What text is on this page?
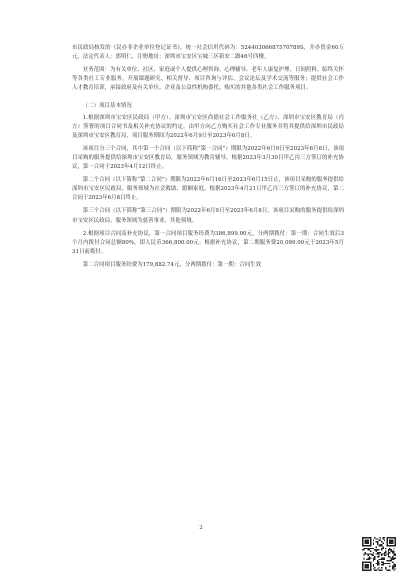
市民政局核发的《民办非企业单位登记证书》，统一社会信用代码为：52440306687570789S，开办资金60万元，法定代表人：郭明仁，注册地址：深圳市宝安区宝城三区新安二路46号四楼。

业务范围：为有关单位、社区、家庭或个人提供心理咨询、心理辅导、老年人康复护理、日间照料、临终关怀等各类社工专业服务，开展课题研究、相关督导、项目咨询与评估、会议论坛及学术交流等服务；提供社会工作人才教育培训，承接政府及有关单位、企业及公益性机构委托、购买的其他各类社会工作服务项目。

（二）项目基本情况

1.根据深圳市宝安区民政局（甲方）、深圳市宝安区尚德社会工作服务社（乙方）、深圳市宝安区教育局（丙方）签署的项目合同书及相关补充协议的约定，由甲方向乙方购买社会工作专业服务并将其提供给深圳市民政局及深圳市宝安区教育局，项目服务期间为2022年6月9日至2023年6月8日。

该项目分三个合同，其中第一个合同（以下简称“第一合同”）期限为2022年6月9日至2023年6月8日，该项目采购的服务提供给深圳市宝安区教育局，服务领域为教育辅导，根据2023年3月30日甲乙丙三方签订的补充协议，第一合同于2023年4月12日终止。

第二个合同（以下简称“第二合同”）期限为2022年6月16日至2023年6月15日止，该项目采购的服务提供给深圳市宝安区民政局，服务领域为社会救助、婚姻家庭，根据2023年4月21日甲乙丙三方签订的补充协议，第二合同于2023年6月8日终止。

第三个合同（以下简称“第三合同”）期限为2022年6月9日至2023年6月8日，该项目采购的服务提供给深圳市宝安区民政局，服务领域为慈善事业、其他领域。

2.根据项目合同及补充协议，第一合同项目服务经费为386,899.00元，分两期拨付：第一期：合同生效后3个月内拨付合同总额80%，即人民币366,800.00元；根据补充协议，第二期服务费20,099.00元于2023年5月31日前拨付。

第二合同项目服务经费为179,882.74元，分两期拨付：第一期：合同生效

2
